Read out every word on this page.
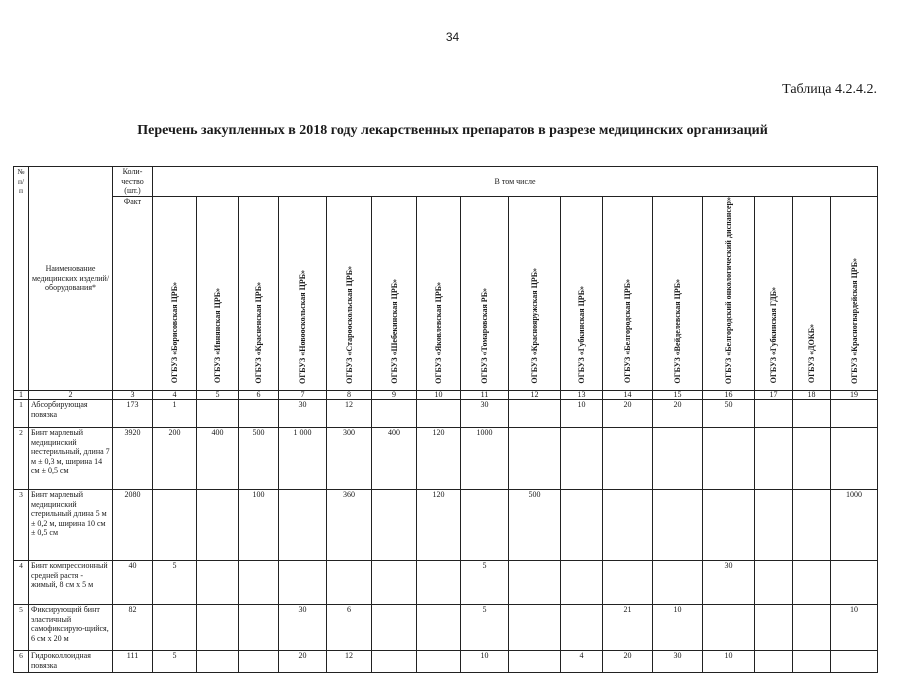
34
Таблица 4.2.4.2.
Перечень закупленных в 2018 году лекарственных препаратов в разрезе медицинских организаций
№ п/п	Наименование медицинских изделий/ оборудования*	Коли-чество (шт.)	В том числе															
		Факт	ОГБУЗ «Борисовская ЦРБ»	ОГБУЗ «Ивнянская ЦРБ»	ОГБУЗ «Красненская ЦРБ»	ОГБУЗ «Новооскольская ЦРБ»	ОГБУЗ «Старооскольская ЦРБ»	ОГБУЗ «Шебекинская ЦРБ»	ОГБУЗ «Яковлевская ЦРБ»	ОГБУЗ «Томаровская РБ»	ОГБУЗ «Краснояружская ЦРБ»	ОГБУЗ «Губкинская ЦРБ»	ОГБУЗ «Белгородская ЦРБ»	ОГБУЗ «Вейделевская ЦРБ»	ОГБУЗ «Белгородский онкологический диспансер»	ОГБУЗ «Губкинская ГДБ»	ОГБУЗ «ДОКБ»	ОГБУЗ «Красногвардейская ЦРБ»
1	2	3	4	5	6	7	8	9	10	11	12	13	14	15	16	17	18	19
1	Абсорбирующая повязка	173	1			30	12			30		10	20	20	50			
2	Бинт марлевый медицинский нестерильный, длина 7 м ± 0,3 м, ширина 14 см ± 0,5 см	3920	200	400	500	1 000	300	400	120	1000								
3	Бинт марлевый медицинский стерильный длина 5 м ± 0,2 м, ширина 10 см ± 0,5 см	2080			100		360		120		500							1000
4	Бинт компрессионный средней растя - жимый, 8 см х 5 м	40	5							5					30			
5	Фиксирующий бинт эластичный самофиксирую-щийся, 6 см х 20 м	82				30	6			5			21	10				10
6	Гидроколлоидная повязка	111	5			20	12			10		4	20	30	10			
